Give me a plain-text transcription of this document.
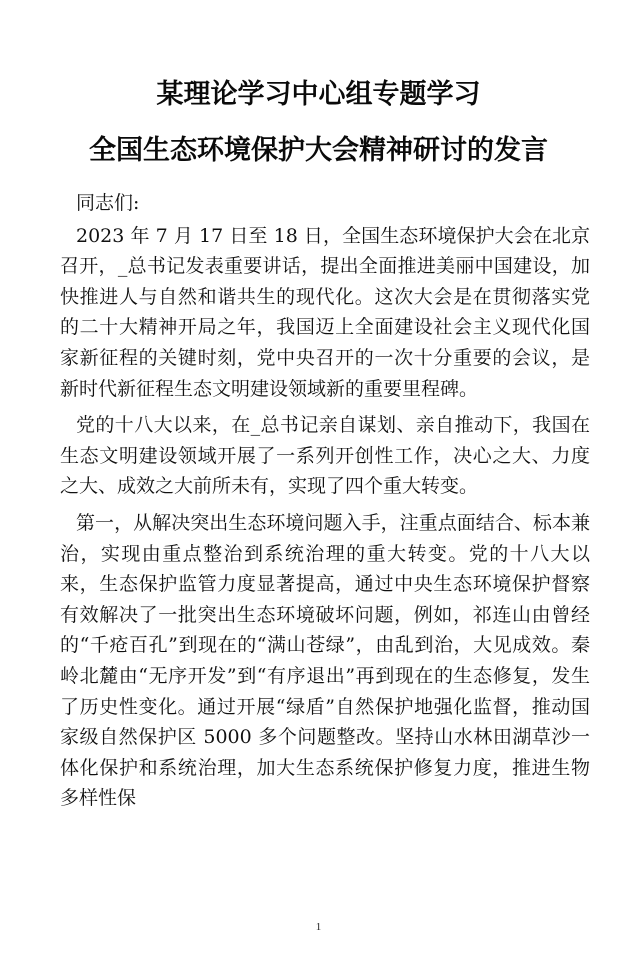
某理论学习中心组专题学习
全国生态环境保护大会精神研讨的发言

同志们:

2023 年 7 月 17 日至 18 日，全国生态环境保护大会在北京召开，_总书记发表重要讲话，提出全面推进美丽中国建设，加快推进人与自然和谐共生的现代化。这次大会是在贯彻落实党的二十大精神开局之年，我国迈上全面建设社会主义现代化国家新征程的关键时刻，党中央召开的一次十分重要的会议，是新时代新征程生态文明建设领域新的重要里程碑。

党的十八大以来，在_总书记亲自谋划、亲自推动下，我国在生态文明建设领域开展了一系列开创性工作，决心之大、力度之大、成效之大前所未有，实现了四个重大转变。

第一，从解决突出生态环境问题入手，注重点面结合、标本兼治，实现由重点整治到系统治理的重大转变。党的十八大以来，生态保护监管力度显著提高，通过中央生态环境保护督察有效解决了一批突出生态环境破坏问题，例如，祁连山由曾经的“千疮百孔”到现在的“满山苍绿”，由乱到治，大见成效。秦岭北麓由“无序开发”到“有序退出”再到现在的生态修复，发生了历史性变化。通过开展“绿盾”自然保护地强化监督，推动国家级自然保护区 5000 多个问题整改。坚持山水林田湖草沙一体化保护和系统治理，加大生态系统保护修复力度，推进生物多样性保

1
